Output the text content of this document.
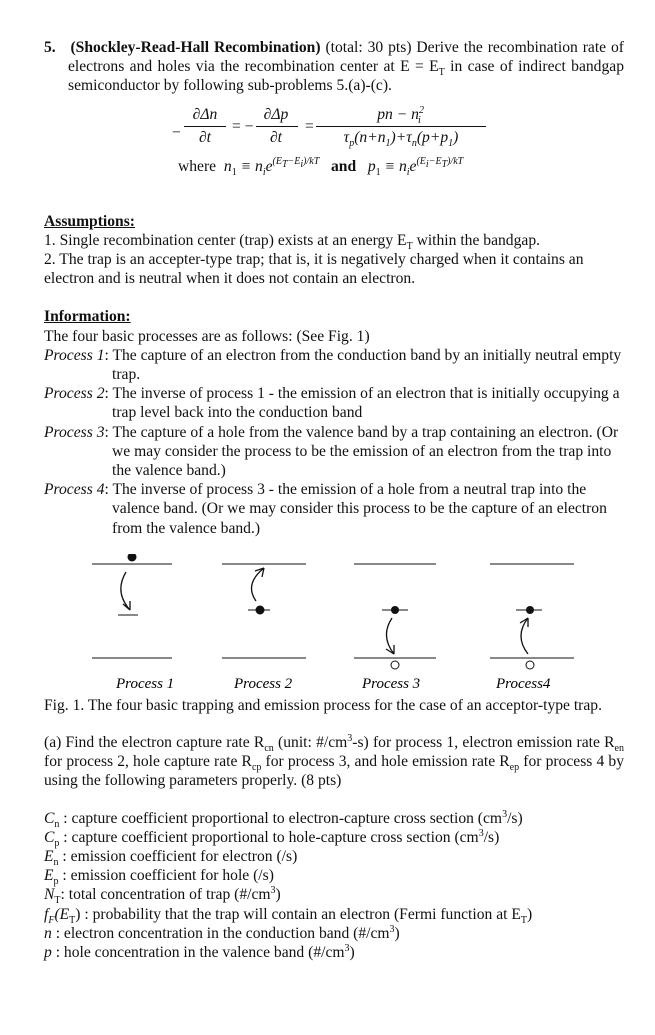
5. (Shockley-Read-Hall Recombination) (total: 30 pts) Derive the recombination rate of electrons and holes via the recombination center at $E = E_T$ in case of indirect bandgap semiconductor by following sub-problems 5.(a)-(c).

−
∂Δn
∂t
= −
∂Δp
∂t
=
pn − $n^2_i$
$\tau_p(n+n_1)+\tau_n(p+p_1)$
where $n_1 \equiv n_ie^{(E_T-E_i)/kT}$ and $p_1 \equiv n_ie^{(E_i-E_T)/kT}$

Assumptions:

1. Single recombination center (trap) exists at an energy $E_T$ within the bandgap.

2. The trap is an accepter-type trap; that is, it is negatively charged when it contains an electron and is neutral when it does not contain an electron.

Information:

The four basic processes are as follows: (See Fig. 1)

Process 1: The capture of an electron from the conduction band by an initially neutral empty trap.

Process 2: The inverse of process 1 - the emission of an electron that is initially occupying a trap level back into the conduction band

Process 3: The capture of a hole from the valence band by a trap containing an electron. (Or we may consider the process to be the emission of an electron from the trap into the valence band.)

Process 4: The inverse of process 3 - the emission of a hole from a neutral trap into the valence band. (Or we may consider this process to be the capture of an electron from the valence band.)

Process 1	Process 2	Process 3	Process4

Fig. 1. The four basic trapping and emission process for the case of an acceptor-type trap.

(a) Find the electron capture rate $R_{cn}$ (unit: $\#/cm^3-s$) for process 1, electron emission rate $R_{en}$ for process 2, hole capture rate $R_{cp}$ for process 3, and hole emission rate $R_{ep}$ for process 4 by using the following parameters properly. (8 pts)

$C_n$ : capture coefficient proportional to electron-capture cross section $(cm^3/s)$

$C_p$ : capture coefficient proportional to hole-capture cross section $(cm^3/s)$

$E_n$ : emission coefficient for electron (/s)

$E_p$ : emission coefficient for hole (/s)

$N_T$: total concentration of trap $(\#/cm^3)$

$f_F(E_T)$ : probability that the trap will contain an electron (Fermi function at $E_T$)

n : electron concentration in the conduction band $(\#/cm^3)$

p : hole concentration in the valence band $(\#/cm^3)$
